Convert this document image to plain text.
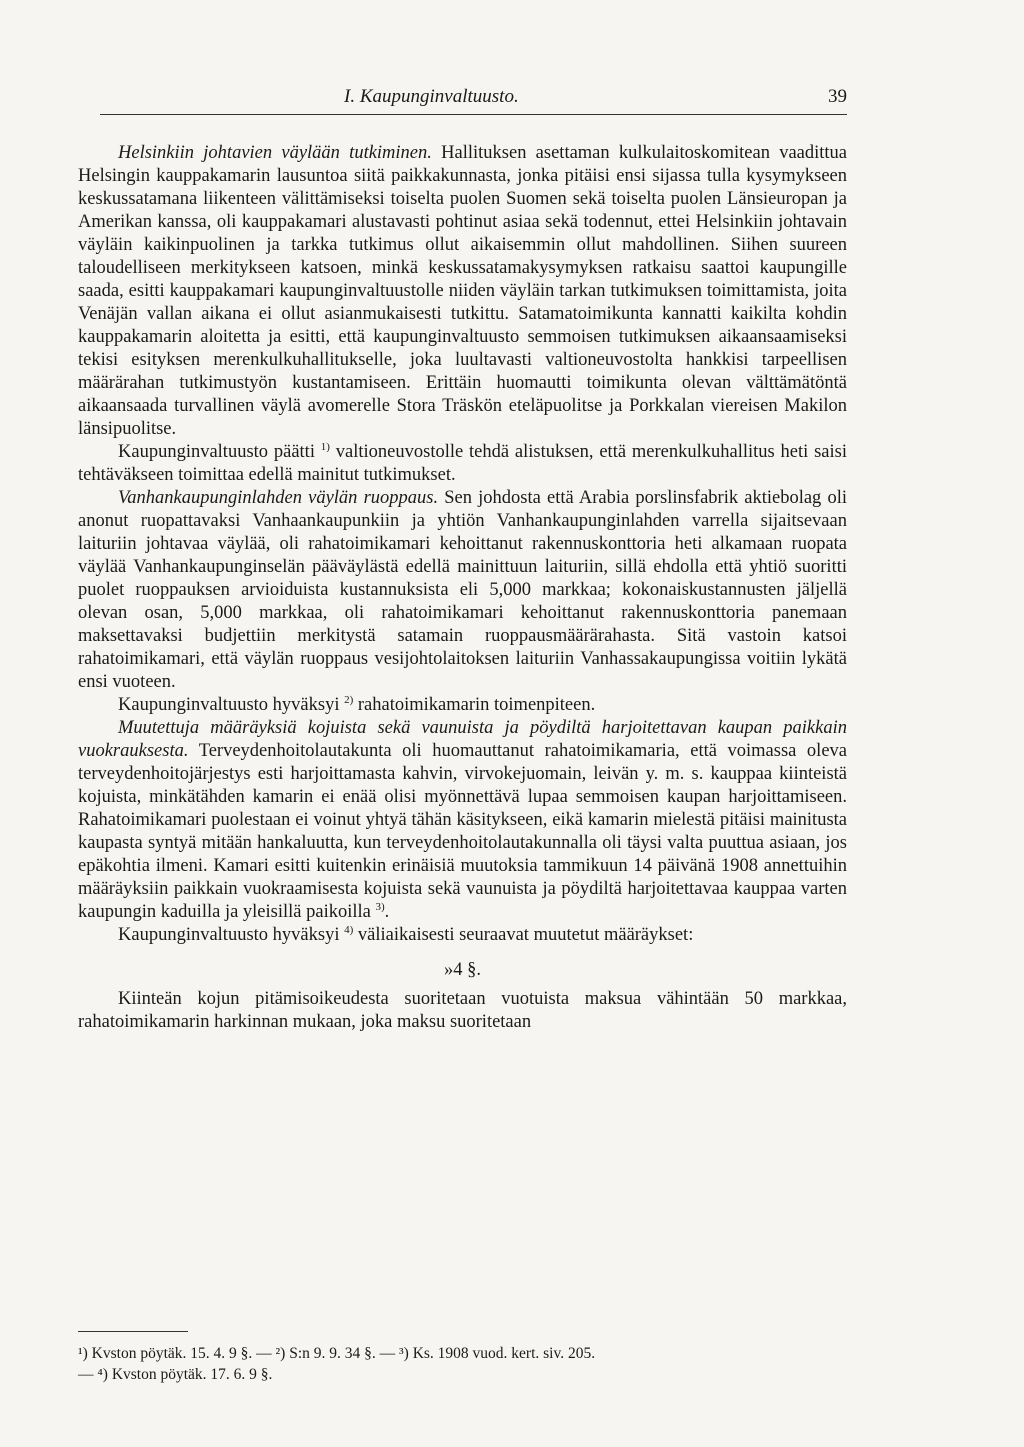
I. Kaupunginvaltuusto.	39

Helsinkiin johtavien väylään tutkiminen. Hallituksen asettaman kulkulaitoskomitean vaadittua Helsingin kauppakamarin lausuntoa siitä paikkakunnasta, jonka pitäisi ensi sijassa tulla kysymykseen keskussatamana liikenteen välittämiseksi toiselta puolen Suomen sekä toiselta puolen Länsieuropan ja Amerikan kanssa, oli kauppakamari alustavasti pohtinut asiaa sekä todennut, ettei Helsinkiin johtavain väyläin kaikinpuolinen ja tarkka tutkimus ollut aikaisemmin ollut mahdollinen. Siihen suureen taloudelliseen merkitykseen katsoen, minkä keskussatamakysymyksen ratkaisu saattoi kaupungille saada, esitti kauppakamari kaupunginvaltuustolle niiden väyläin tarkan tutkimuksen toimittamista, joita Venäjän vallan aikana ei ollut asianmukaisesti tutkittu. Satamatoimikunta kannatti kaikilta kohdin kauppakamarin aloitetta ja esitti, että kaupunginvaltuusto semmoisen tutkimuksen aikaansaamiseksi tekisi esityksen merenkulkuhallitukselle, joka luultavasti valtioneuvostolta hankkisi tarpeellisen määrärahan tutkimustyön kustantamiseen. Erittäin huomautti toimikunta olevan välttämätöntä aikaansaada turvallinen väylä avomerelle Stora Träskön eteläpuolitse ja Porkkalan viereisen Makilon länsipuolitse.

Kaupunginvaltuusto päätti $^{1)}$ valtioneuvostolle tehdä alistuksen, että merenkulkuhallitus heti saisi tehtäväkseen toimittaa edellä mainitut tutkimukset.

Vanhankaupunginlahden väylän ruoppaus. Sen johdosta että Arabia porslinsfabrik aktiebolag oli anonut ruopattavaksi Vanhaankaupunkiin ja yhtiön Vanhankaupunginlahden varrella sijaitsevaan laituriin johtavaa väylää, oli rahatoimikamari kehoittanut rakennuskonttoria heti alkamaan ruopata väylää Vanhankaupunginselän pääväylästä edellä mainittuun laituriin, sillä ehdolla että yhtiö suoritti puolet ruoppauksen arvioiduista kustannuksista eli 5,000 markkaa; kokonaiskustannusten jäljellä olevan osan, 5,000 markkaa, oli rahatoimikamari kehoittanut rakennuskonttoria panemaan maksettavaksi budjettiin merkitystä satamain ruoppausmäärärahasta. Sitä vastoin katsoi rahatoimikamari, että väylän ruoppaus vesijohtolaitoksen laituriin Vanhassakaupungissa voitiin lykätä ensi vuoteen.

Kaupunginvaltuusto hyväksyi $^{2)}$ rahatoimikamarin toimenpiteen.

Muutettuja määräyksiä kojuista sekä vaunuista ja pöydiltä harjoitettavan kaupan paikkain vuokrauksesta. Terveydenhoitolautakunta oli huomauttanut rahatoimikamaria, että voimassa oleva terveydenhoitojärjestys esti harjoittamasta kahvin, virvokejuomain, leivän y. m. s. kauppaa kiinteistä kojuista, minkätähden kamarin ei enää olisi myönnettävä lupaa semmoisen kaupan harjoittamiseen. Rahatoimikamari puolestaan ei voinut yhtyä tähän käsitykseen, eikä kamarin mielestä pitäisi mainitusta kaupasta syntyä mitään hankaluutta, kun terveydenhoitolautakunnalla oli täysi valta puuttua asiaan, jos epäkohtia ilmeni. Kamari esitti kuitenkin erinäisiä muutoksia tammikuun 14 päivänä 1908 annettuihin määräyksiin paikkain vuokraamisesta kojuista sekä vaunuista ja pöydiltä harjoitettavaa kauppaa varten kaupungin kaduilla ja yleisillä paikoilla $^{3)}$.

Kaupunginvaltuusto hyväksyi $^{4)}$ väliaikaisesti seuraavat muutetut määräykset:

»4 §.

Kiinteän kojun pitämisoikeudesta suoritetaan vuotuista maksua vähintään 50 markkaa, rahatoimikamarin harkinnan mukaan, joka maksu suoritetaan

¹) Kvston pöytäk. 15. 4. 9 §. — ²) S:n 9. 9. 34 §. — ³) Ks. 1908 vuod. kert. siv. 205.

— ⁴) Kvston pöytäk. 17. 6. 9 §.
